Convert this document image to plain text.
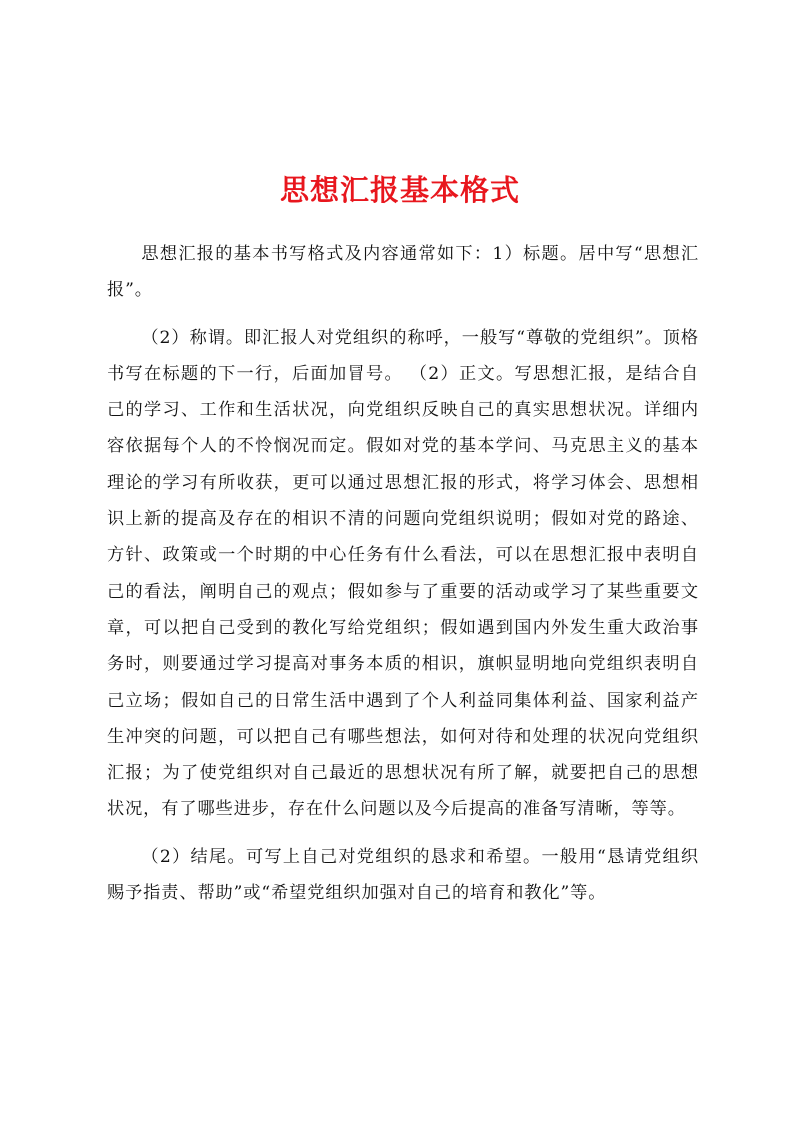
思想汇报基本格式

思想汇报的基本书写格式及内容通常如下：1）标题。居中写“思想汇报”。

（2）称谓。即汇报人对党组织的称呼，一般写“尊敬的党组织”。顶格书写在标题的下一行，后面加冒号。 （2）正文。写思想汇报，是结合自己的学习、工作和生活状况，向党组织反映自己的真实思想状况。详细内容依据每个人的不怜悯况而定。假如对党的基本学问、马克思主义的基本理论的学习有所收获，更可以通过思想汇报的形式，将学习体会、思想相识上新的提高及存在的相识不清的问题向党组织说明；假如对党的路途、方针、政策或一个时期的中心任务有什么看法，可以在思想汇报中表明自己的看法，阐明自己的观点；假如参与了重要的活动或学习了某些重要文章，可以把自己受到的教化写给党组织；假如遇到国内外发生重大政治事务时，则要通过学习提高对事务本质的相识，旗帜显明地向党组织表明自己立场；假如自己的日常生活中遇到了个人利益同集体利益、国家利益产生冲突的问题，可以把自己有哪些想法，如何对待和处理的状况向党组织汇报；为了使党组织对自己最近的思想状况有所了解，就要把自己的思想状况，有了哪些进步，存在什么问题以及今后提高的准备写清晰，等等。

（2）结尾。可写上自己对党组织的恳求和希望。一般用“恳请党组织赐予指责、帮助”或“希望党组织加强对自己的培育和教化”等。
